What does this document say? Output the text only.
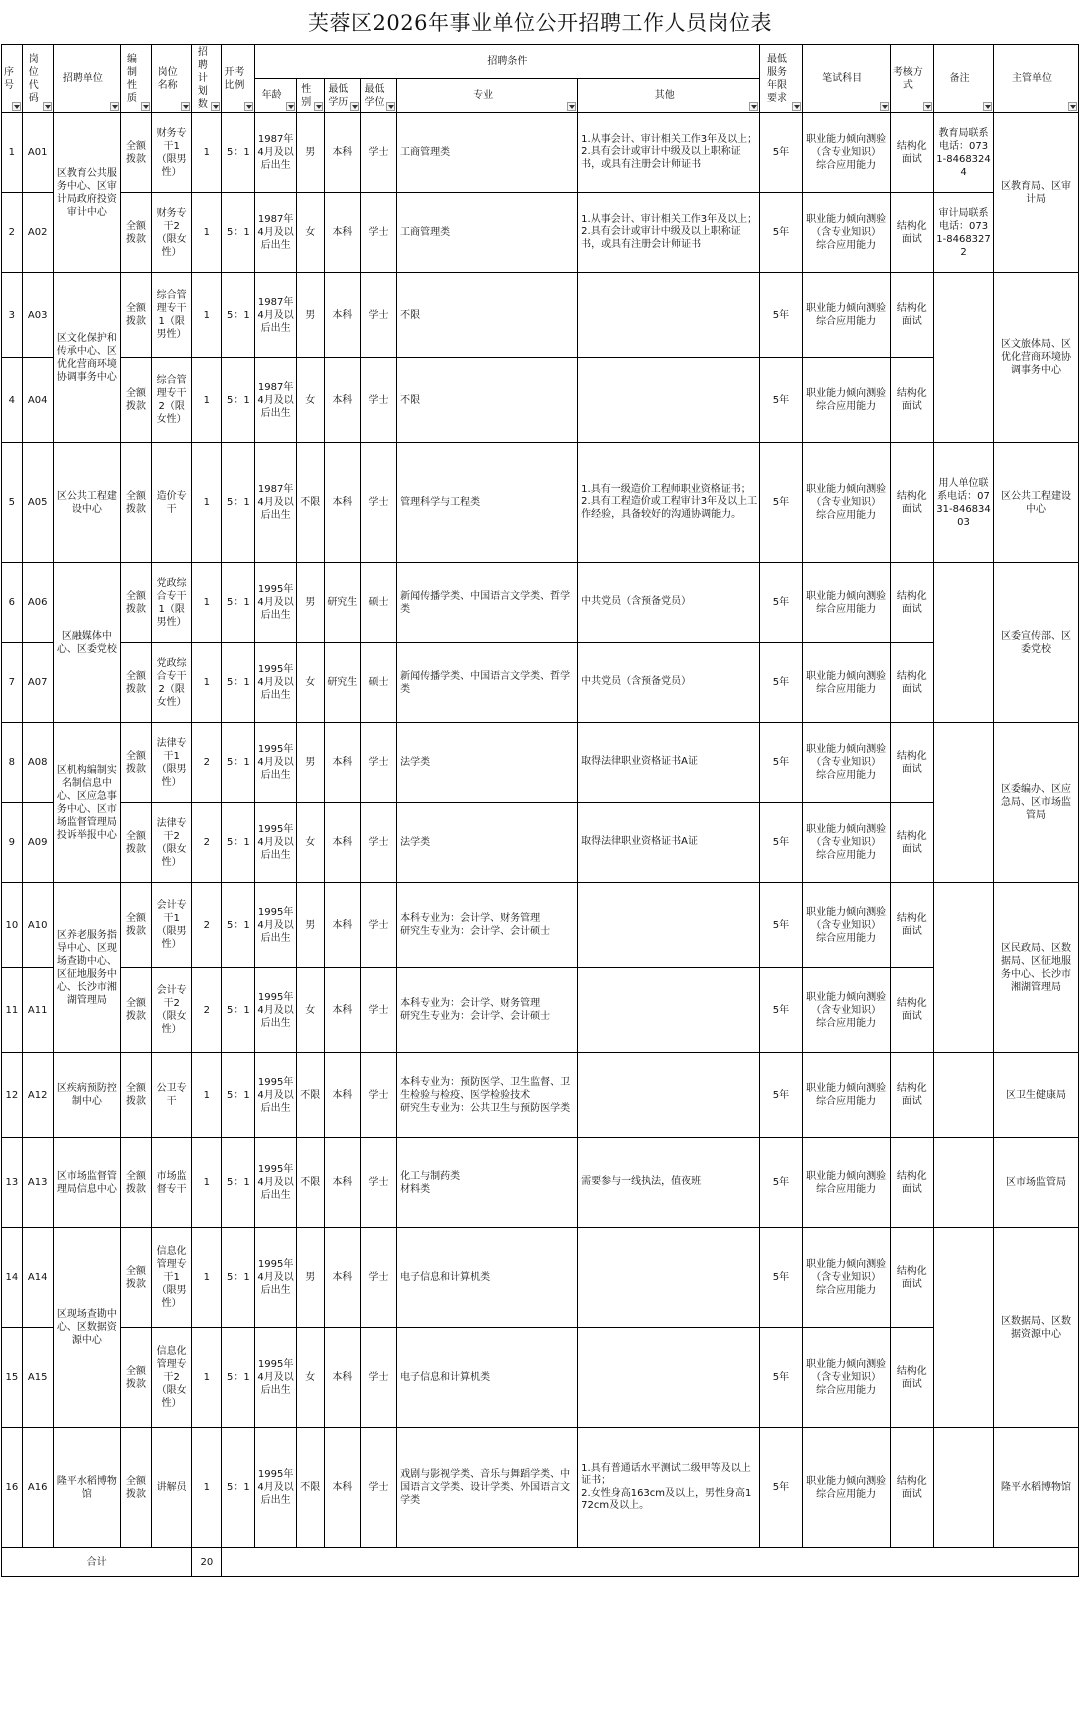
芙蓉区2026年事业单位公开招聘工作人员岗位表
序号	岗位代码	招聘单位	编制性质	岗位名称	招聘计划数	开考比例	招聘条件						最低服务年限要求	笔试科目	考核方式	备注	主管单位

							年龄	性别	最低学历	最低学位	专业	其他					

1	A01	区教育公共服务中心、区审计局政府投资审计中心	全额拨款	财务专干1（限男性）	1	5：1	1987年4月及以后出生	男	本科	学士	工商管理类	1.从事会计、审计相关工作3年及以上；
2.具有会计或审计中级及以上职称证书，或具有注册会计师证书	5年	职业能力倾向测验（含专业知识）
综合应用能力	结构化面试	教育局联系电话：0731-84683244	区教育局、区审计局
2	A02		全额拨款	财务专干2（限女性）	1	5：1	1987年4月及以后出生	女	本科	学士	工商管理类	1.从事会计、审计相关工作3年及以上；
2.具有会计或审计中级及以上职称证书，或具有注册会计师证书	5年	职业能力倾向测验（含专业知识）
综合应用能力	结构化面试	审计局联系电话：0731-84683272	
3	A03	区文化保护和传承中心、区优化营商环境协调事务中心	全额拨款	综合管理专干1（限男性）	1	5：1	1987年4月及以后出生	男	本科	学士	不限		5年	职业能力倾向测验
综合应用能力	结构化面试		区文旅体局、区优化营商环境协调事务中心
4	A04		全额拨款	综合管理专干2（限女性）	1	5：1	1987年4月及以后出生	女	本科	学士	不限		5年	职业能力倾向测验
综合应用能力	结构化面试		
5	A05	区公共工程建设中心	全额拨款	造价专干	1	5：1	1987年4月及以后出生	不限	本科	学士	管理科学与工程类	1.具有一级造价工程师职业资格证书；
2.具有工程造价或工程审计3年及以上工作经验，具备较好的沟通协调能力。	5年	职业能力倾向测验（含专业知识）
综合应用能力	结构化面试	用人单位联系电话：0731-84683403	区公共工程建设中心
6	A06	区融媒体中心、区委党校	全额拨款	党政综合专干1（限男性）	1	5：1	1995年4月及以后出生	男	研究生	硕士	新闻传播学类、中国语言文学类、哲学类	中共党员（含预备党员）	5年	职业能力倾向测验
综合应用能力	结构化面试		区委宣传部、区委党校
7	A07		全额拨款	党政综合专干2（限女性）	1	5：1	1995年4月及以后出生	女	研究生	硕士	新闻传播学类、中国语言文学类、哲学类	中共党员（含预备党员）	5年	职业能力倾向测验
综合应用能力	结构化面试		
8	A08	区机构编制实名制信息中心、区应急事务中心、区市场监督管理局投诉举报中心	全额拨款	法律专干1（限男性）	2	5：1	1995年4月及以后出生	男	本科	学士	法学类	取得法律职业资格证书A证	5年	职业能力倾向测验（含专业知识）
综合应用能力	结构化面试		区委编办、区应急局、区市场监管局
9	A09		全额拨款	法律专干2（限女性）	2	5：1	1995年4月及以后出生	女	本科	学士	法学类	取得法律职业资格证书A证	5年	职业能力倾向测验（含专业知识）
综合应用能力	结构化面试		
10	A10	区养老服务指导中心、区现场查勘中心、区征地服务中心、长沙市湘湖管理局	全额拨款	会计专干1（限男性）	2	5：1	1995年4月及以后出生	男	本科	学士	本科专业为：会计学、财务管理
研究生专业为：会计学、会计硕士		5年	职业能力倾向测验（含专业知识）
综合应用能力	结构化面试		区民政局、区数据局、区征地服务中心、长沙市湘湖管理局
11	A11		全额拨款	会计专干2（限女性）	2	5：1	1995年4月及以后出生	女	本科	学士	本科专业为：会计学、财务管理
研究生专业为：会计学、会计硕士		5年	职业能力倾向测验（含专业知识）
综合应用能力	结构化面试		
12	A12	区疾病预防控制中心	全额拨款	公卫专干	1	5：1	1995年4月及以后出生	不限	本科	学士	本科专业为：预防医学、卫生监督、卫生检验与检疫、医学检验技术
研究生专业为：公共卫生与预防医学类		5年	职业能力倾向测验
综合应用能力	结构化面试		区卫生健康局
13	A13	区市场监督管理局信息中心	全额拨款	市场监督专干	1	5：1	1995年4月及以后出生	不限	本科	学士	化工与制药类
材料类	需要参与一线执法，值夜班	5年	职业能力倾向测验
综合应用能力	结构化面试		区市场监管局
14	A14	区现场查勘中心、区数据资源中心	全额拨款	信息化管理专干1（限男性）	1	5：1	1995年4月及以后出生	男	本科	学士	电子信息和计算机类		5年	职业能力倾向测验（含专业知识）
综合应用能力	结构化面试		区数据局、区数据资源中心
15	A15		全额拨款	信息化管理专干2（限女性）	1	5：1	1995年4月及以后出生	女	本科	学士	电子信息和计算机类		5年	职业能力倾向测验（含专业知识）
综合应用能力	结构化面试		
16	A16	隆平水稻博物馆	全额拨款	讲解员	1	5：1	1995年4月及以后出生	不限	本科	学士	戏剧与影视学类、音乐与舞蹈学类、中国语言文学类、设计学类、外国语言文学类	1.具有普通话水平测试二级甲等及以上证书；
2.女性身高163cm及以上，男性身高172cm及以上。	5年	职业能力倾向测验
综合应用能力	结构化面试		隆平水稻博物馆
合计					20												
